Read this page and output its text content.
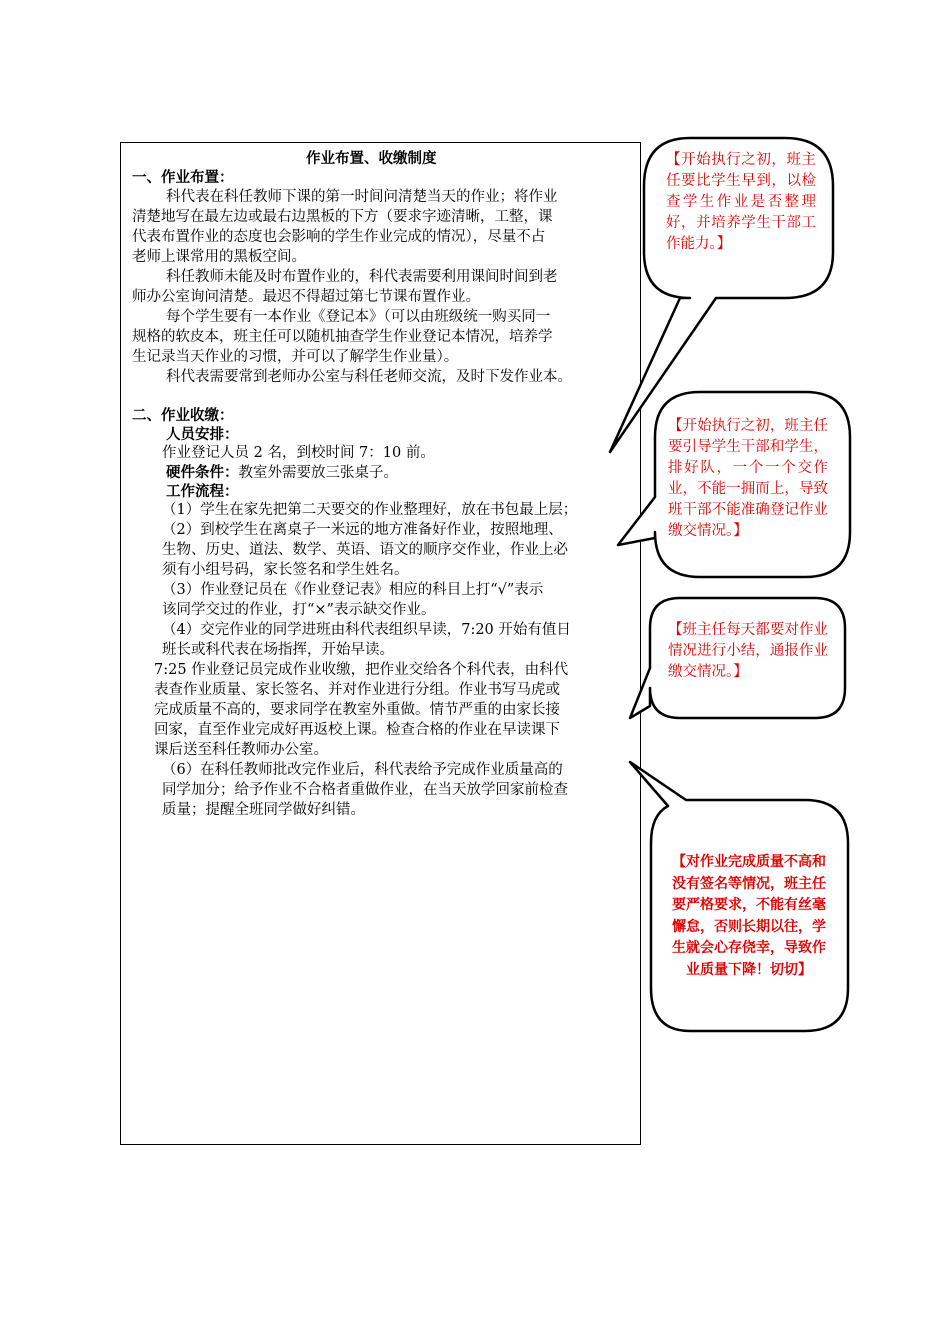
作业布置、收缴制度
一、作业布置：
科代表在科任教师下课的第一时间问清楚当天的作业；将作业
清楚地写在最左边或最右边黑板的下方（要求字迹清晰，工整，课
代表布置作业的态度也会影响的学生作业完成的情况），尽量不占
老师上课常用的黑板空间。
科任教师未能及时布置作业的，科代表需要利用课间时间到老
师办公室询问清楚。最迟不得超过第七节课布置作业。
每个学生要有一本作业《登记本》（可以由班级统一购买同一
规格的软皮本，班主任可以随机抽查学生作业登记本情况，培养学
生记录当天作业的习惯，并可以了解学生作业量）。
科代表需要常到老师办公室与科任老师交流，及时下发作业本。
二、作业收缴：
人员安排：
作业登记人员 2 名，到校时间 7：10 前。
硬件条件：教室外需要放三张桌子。
工作流程：
（1）学生在家先把第二天要交的作业整理好，放在书包最上层；
（2）到校学生在离桌子一米远的地方准备好作业，按照地理、
生物、历史、道法、数学、英语、语文的顺序交作业，作业上必
须有小组号码，家长签名和学生姓名。
（3）作业登记员在《作业登记表》相应的科目上打“√”表示
该同学交过的作业，打“×”表示缺交作业。
（4）交完作业的同学进班由科代表组织早读，7:20 开始有值日
班长或科代表在场指挥，开始早读。
7:25 作业登记员完成作业收缴，把作业交给各个科代表，由科代
表查作业质量、家长签名、并对作业进行分组。作业书写马虎或
完成质量不高的，要求同学在教室外重做。情节严重的由家长接
回家，直至作业完成好再返校上课。检查合格的作业在早读课下
课后送至科任教师办公室。
（6）在科任教师批改完作业后，科代表给予完成作业质量高的
同学加分；给予作业不合格者重做作业，在当天放学回家前检查
质量；提醒全班同学做好纠错。
【开始执行之初，班主任要比学生早到，以检查学生作业是否整理好，并培养学生干部工作能力。】
【开始执行之初，班主任要引导学生干部和学生，排好队，一个一个交作业，不能一拥而上，导致班干部不能准确登记作业缴交情况。】
【班主任每天都要对作业情况进行小结，通报作业缴交情况。】
【对作业完成质量不高和没有签名等情况，班主任要严格要求，不能有丝毫懈怠，否则长期以往，学生就会心存侥幸，导致作业质量下降！切切】
